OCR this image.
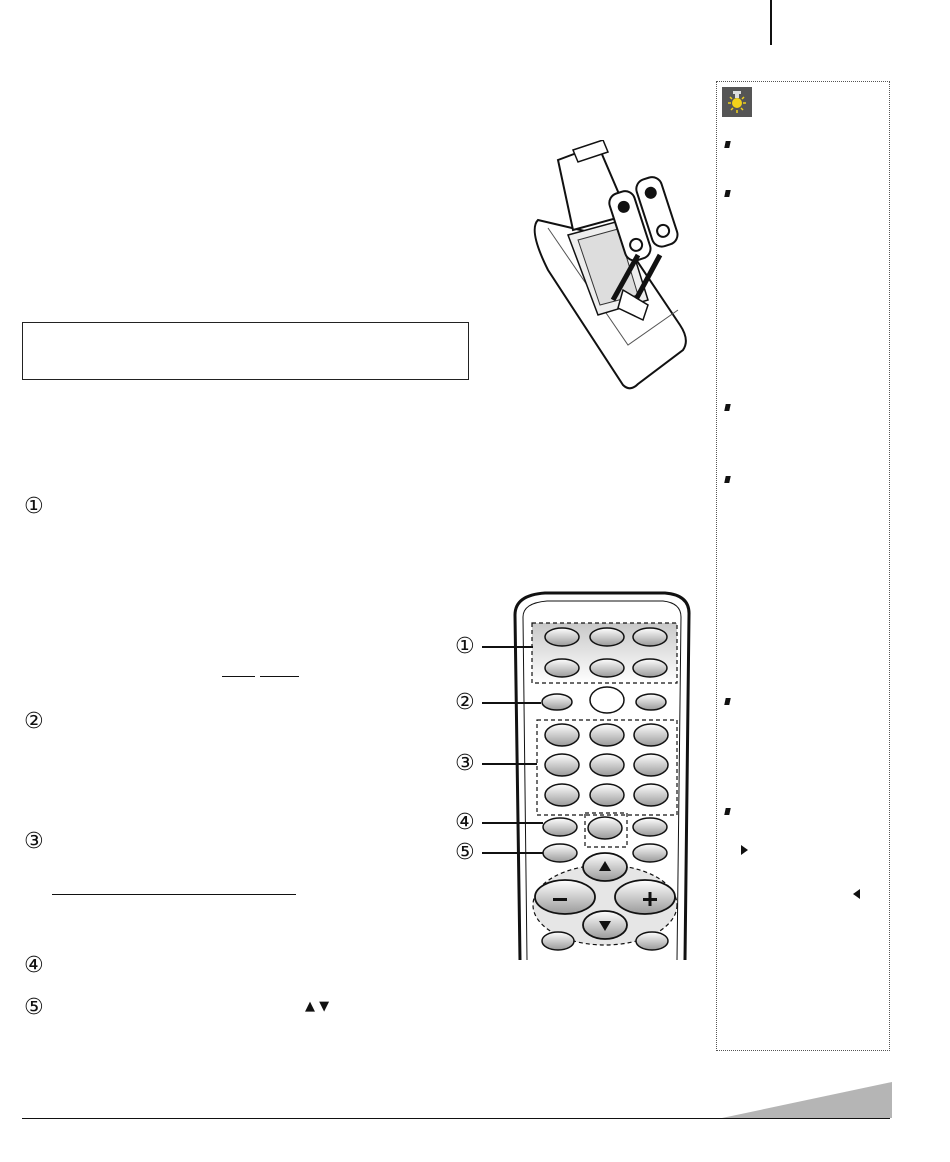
①
②
③
④
⑤	▲ ▼
①
②
③
④
⑤
